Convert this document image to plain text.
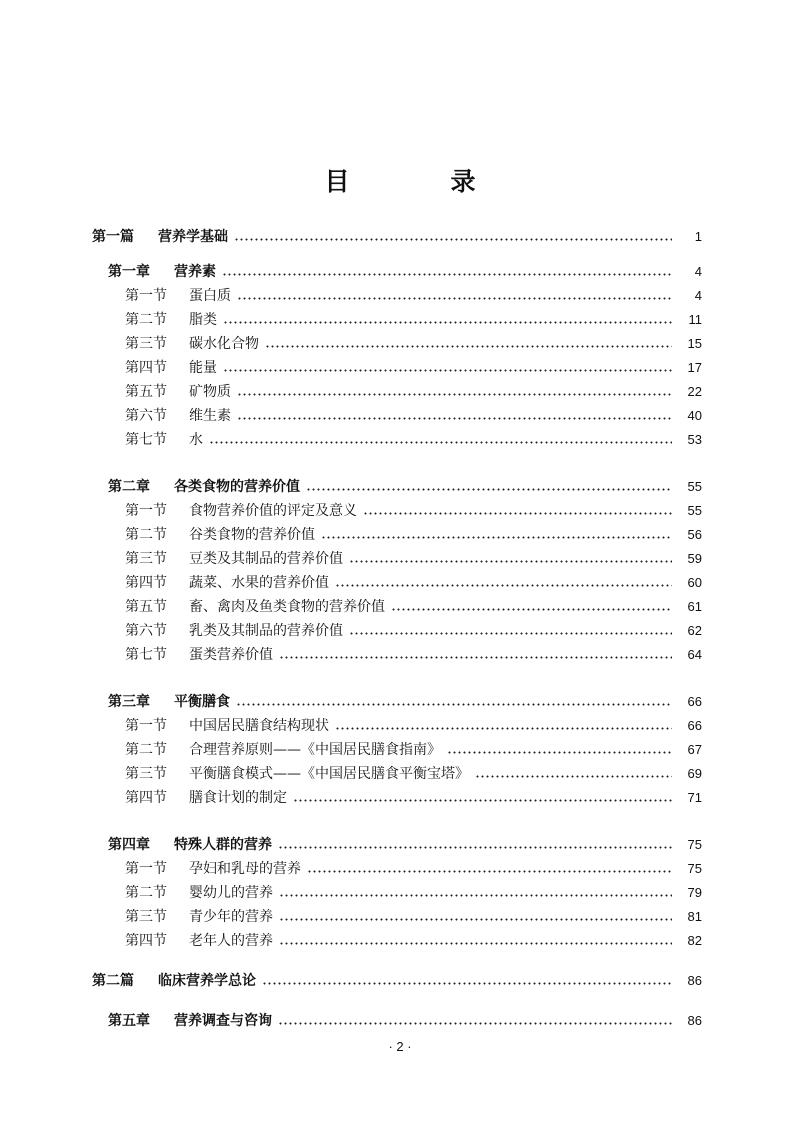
目　录
第一篇	营养学基础	1
第一章	营养素	4
第一节	蛋白质	4
第二节	脂类	11
第三节	碳水化合物	15
第四节	能量	17
第五节	矿物质	22
第六节	维生素	40
第七节	水	53
第二章	各类食物的营养价值	55
第一节	食物营养价值的评定及意义	55
第二节	谷类食物的营养价值	56
第三节	豆类及其制品的营养价值	59
第四节	蔬菜、水果的营养价值	60
第五节	畜、禽肉及鱼类食物的营养价值	61
第六节	乳类及其制品的营养价值	62
第七节	蛋类营养价值	64
第三章	平衡膳食	66
第一节	中国居民膳食结构现状	66
第二节	合理营养原则——《中国居民膳食指南》	67
第三节	平衡膳食模式——《中国居民膳食平衡宝塔》	69
第四节	膳食计划的制定	71
第四章	特殊人群的营养	75
第一节	孕妇和乳母的营养	75
第二节	婴幼儿的营养	79
第三节	青少年的营养	81
第四节	老年人的营养	82
第二篇	临床营养学总论	86
第五章	营养调查与咨询	86
· 2 ·
